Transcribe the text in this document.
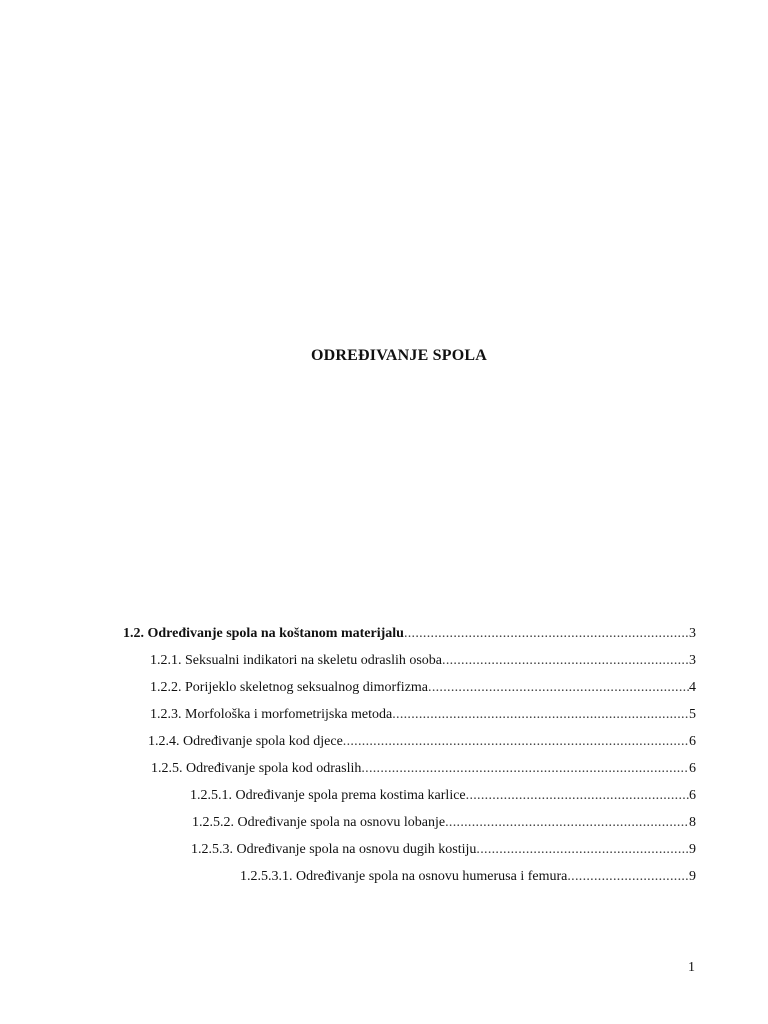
ODREĐIVANJE SPOLA
1.2. Određivanje spola na koštanom materijalu .....	3
1.2.1. Seksualni indikatori na skeletu odraslih osoba .....	3
1.2.2. Porijeklo skeletnog seksualnog dimorfizma .....	4
1.2.3. Morfološka i morfometrijska metoda .....	5
1.2.4. Određivanje spola kod djece .....	6
1.2.5. Određivanje spola kod odraslih .....	6
1.2.5.1. Određivanje spola prema kostima karlice .....	6
1.2.5.2. Određivanje spola na osnovu lobanje .....	8
1.2.5.3. Određivanje spola na osnovu dugih kostiju .....	9
1.2.5.3.1. Određivanje spola na osnovu humerusa i femura .....	9
1
